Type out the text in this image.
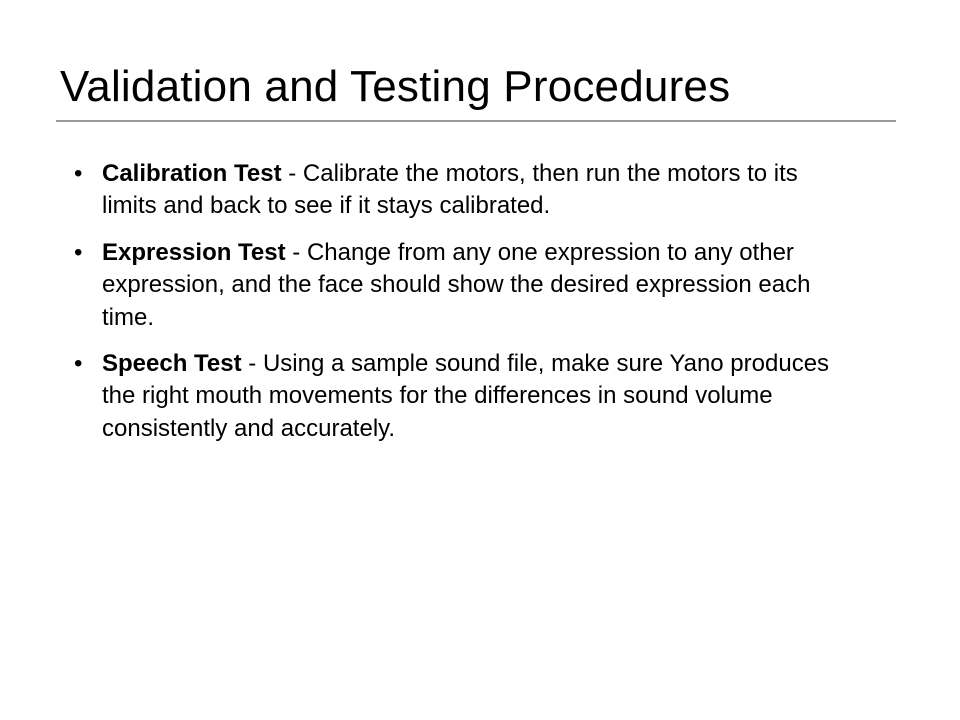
Validation and Testing Procedures
• Calibration Test - Calibrate the motors, then run the motors to its limits and back to see if it stays calibrated.
• Expression Test - Change from any one expression to any other expression, and the face should show the desired expression each time.
• Speech Test - Using a sample sound file, make sure Yano produces the right mouth movements for the differences in sound volume consistently and accurately.
